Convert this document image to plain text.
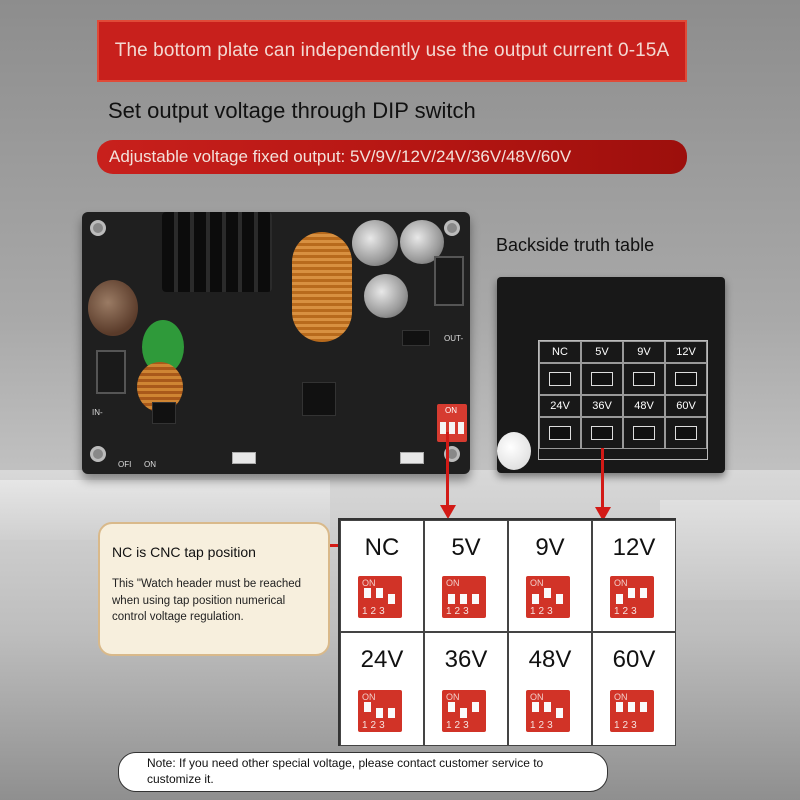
The bottom plate can independently use the output current 0-15A
Set output voltage through DIP switch
Adjustable voltage fixed output: 5V/9V/12V/24V/36V/48V/60V
IN-
OUT-
OFI ON
ON
Backside truth table
NC	5V	9V	12V
24V	36V	48V	60V
NC is CNC tap position
This "Watch header must be reached when using tap position numerical control voltage regulation.
NC	5V	9V	12V
24V	36V	48V	60V
ON
123
ON
123
ON
123
ON
123
ON
123
ON
123
ON
123
ON
123
Note: If you need other special voltage, please contact customer service to customize it.
